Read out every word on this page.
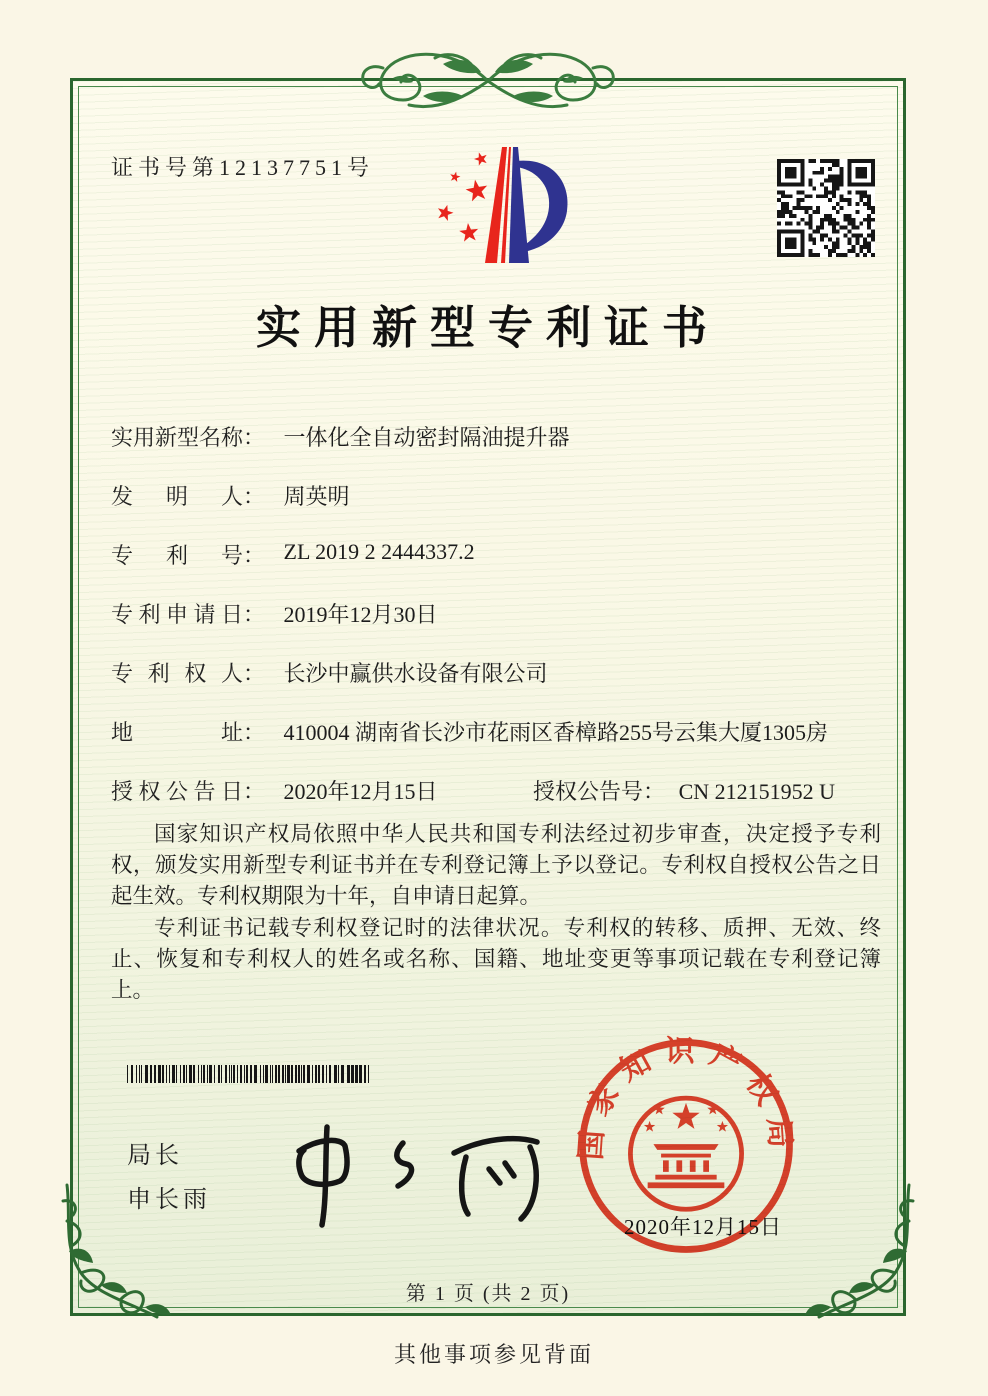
证书号第12137751号
实用新型专利证书
实用新型名称： 一体化全自动密封隔油提升器
发明人： 周英明
专利号： ZL 2019 2 2444337.2
专利申请日： 2019年12月30日
专利权人： 长沙中赢供水设备有限公司
地址： 410004 湖南省长沙市花雨区香樟路255号云集大厦1305房
授权公告日： 2020年12月15日	授权公告号： CN 212151952 U

国家知识产权局依照中华人民共和国专利法经过初步审查，决定授予专利权，颁发实用新型专利证书并在专利登记簿上予以登记。专利权自授权公告之日起生效。专利权期限为十年，自申请日起算。

专利证书记载专利权登记时的法律状况。专利权的转移、质押、无效、终止、恢复和专利权人的姓名或名称、国籍、地址变更等事项记载在专利登记簿上。

局长
申长雨
国家知识产权局
2020年12月15日
第 1 页 (共 2 页)
其他事项参见背面
